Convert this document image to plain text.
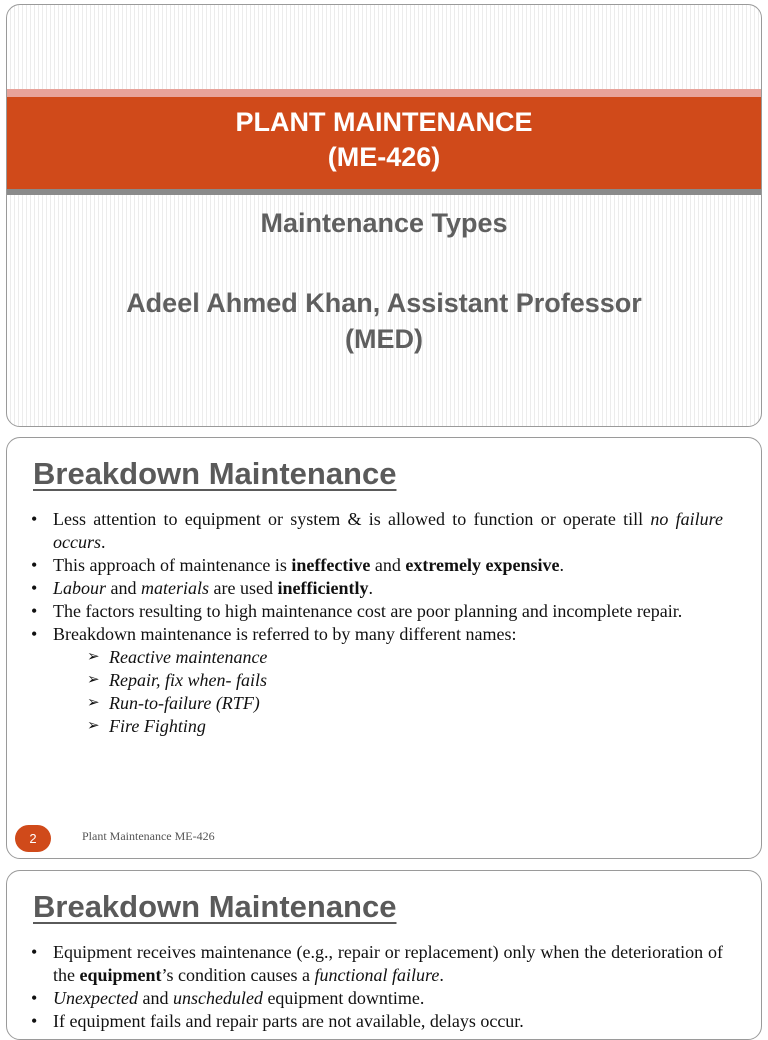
PLANT MAINTENANCE
(ME-426)
Maintenance Types
Adeel Ahmed Khan, Assistant Professor
(MED)
Breakdown Maintenance
• Less attention to equipment or system & is allowed to function or operate till no failure occurs.
• This approach of maintenance is ineffective and extremely expensive.
• Labour and materials are used inefficiently.
• The factors resulting to high maintenance cost are poor planning and incomplete repair.
• Breakdown maintenance is referred to by many different names:
➢ Reactive maintenance
➢ Repair, fix when- fails
➢ Run-to-failure (RTF)
➢ Fire Fighting
2	Plant Maintenance ME-426
Breakdown Maintenance
• Equipment receives maintenance (e.g., repair or replacement) only when the deterioration of the equipment’s condition causes a functional failure.
• Unexpected and unscheduled equipment downtime.
• If equipment fails and repair parts are not available, delays occur.
